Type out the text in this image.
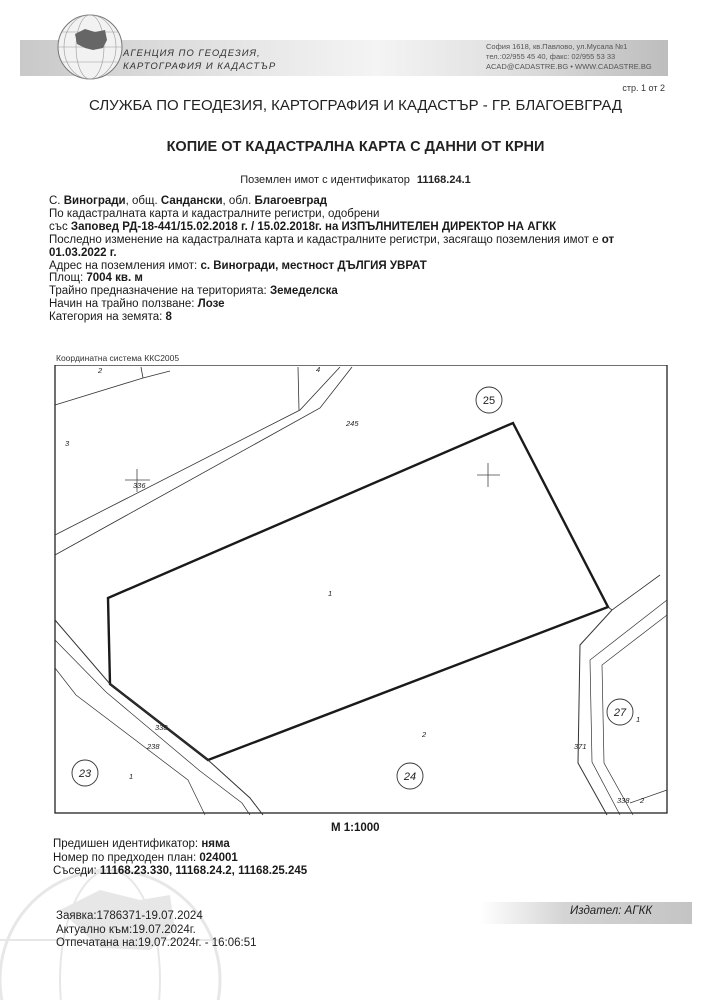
АГЕНЦИЯ ПО ГЕОДЕЗИЯ,
КАРТОГРАФИЯ И КАДАСТЪР
София 1618, кв.Павлово, ул.Мусала №1
тел.:02/955 45 40, факс: 02/955 53 33
ACAD@CADASTRE.BG • WWW.CADASTRE.BG
стр. 1 от 2
СЛУЖБА ПО ГЕОДЕЗИЯ, КАРТОГРАФИЯ И КАДАСТЪР - ГР. БЛАГОЕВГРАД
КОПИЕ ОТ КАДАСТРАЛНА КАРТА С ДАННИ ОТ КРНИ
Поземлен имот с идентификатор 11168.24.1
С. Виногради, общ. Сандански, обл. Благоевград
По кадастралната карта и кадастралните регистри, одобрени
със Заповед РД-18-441/15.02.2018 г. / 15.02.2018г. на ИЗПЪЛНИТЕЛЕН ДИРЕКТОР НА АГКК
Последно изменение на кадастралната карта и кадастралните регистри, засягащо поземления имот е от
01.03.2022 г.
Адрес на поземления имот: с. Виногради, местност ДЪЛГИЯ УВРАТ
Площ: 7004 кв. м
Трайно предназначение на територията: Земеделска
Начин на трайно ползване: Лозе
Категория на земята: 8
Координатна система ККС2005
2	4
3
245
336
1
2
338
238
1
371
1
338 2
25
23	24
27
М 1:1000
Предишен идентификатор: няма
Номер по предходен план: 024001
Съседи: 11168.23.330, 11168.24.2, 11168.25.245
Издател: АГКК
Заявка:1786371-19.07.2024
Актуално към:19.07.2024г.
Отпечатана на:19.07.2024г. - 16:06:51
